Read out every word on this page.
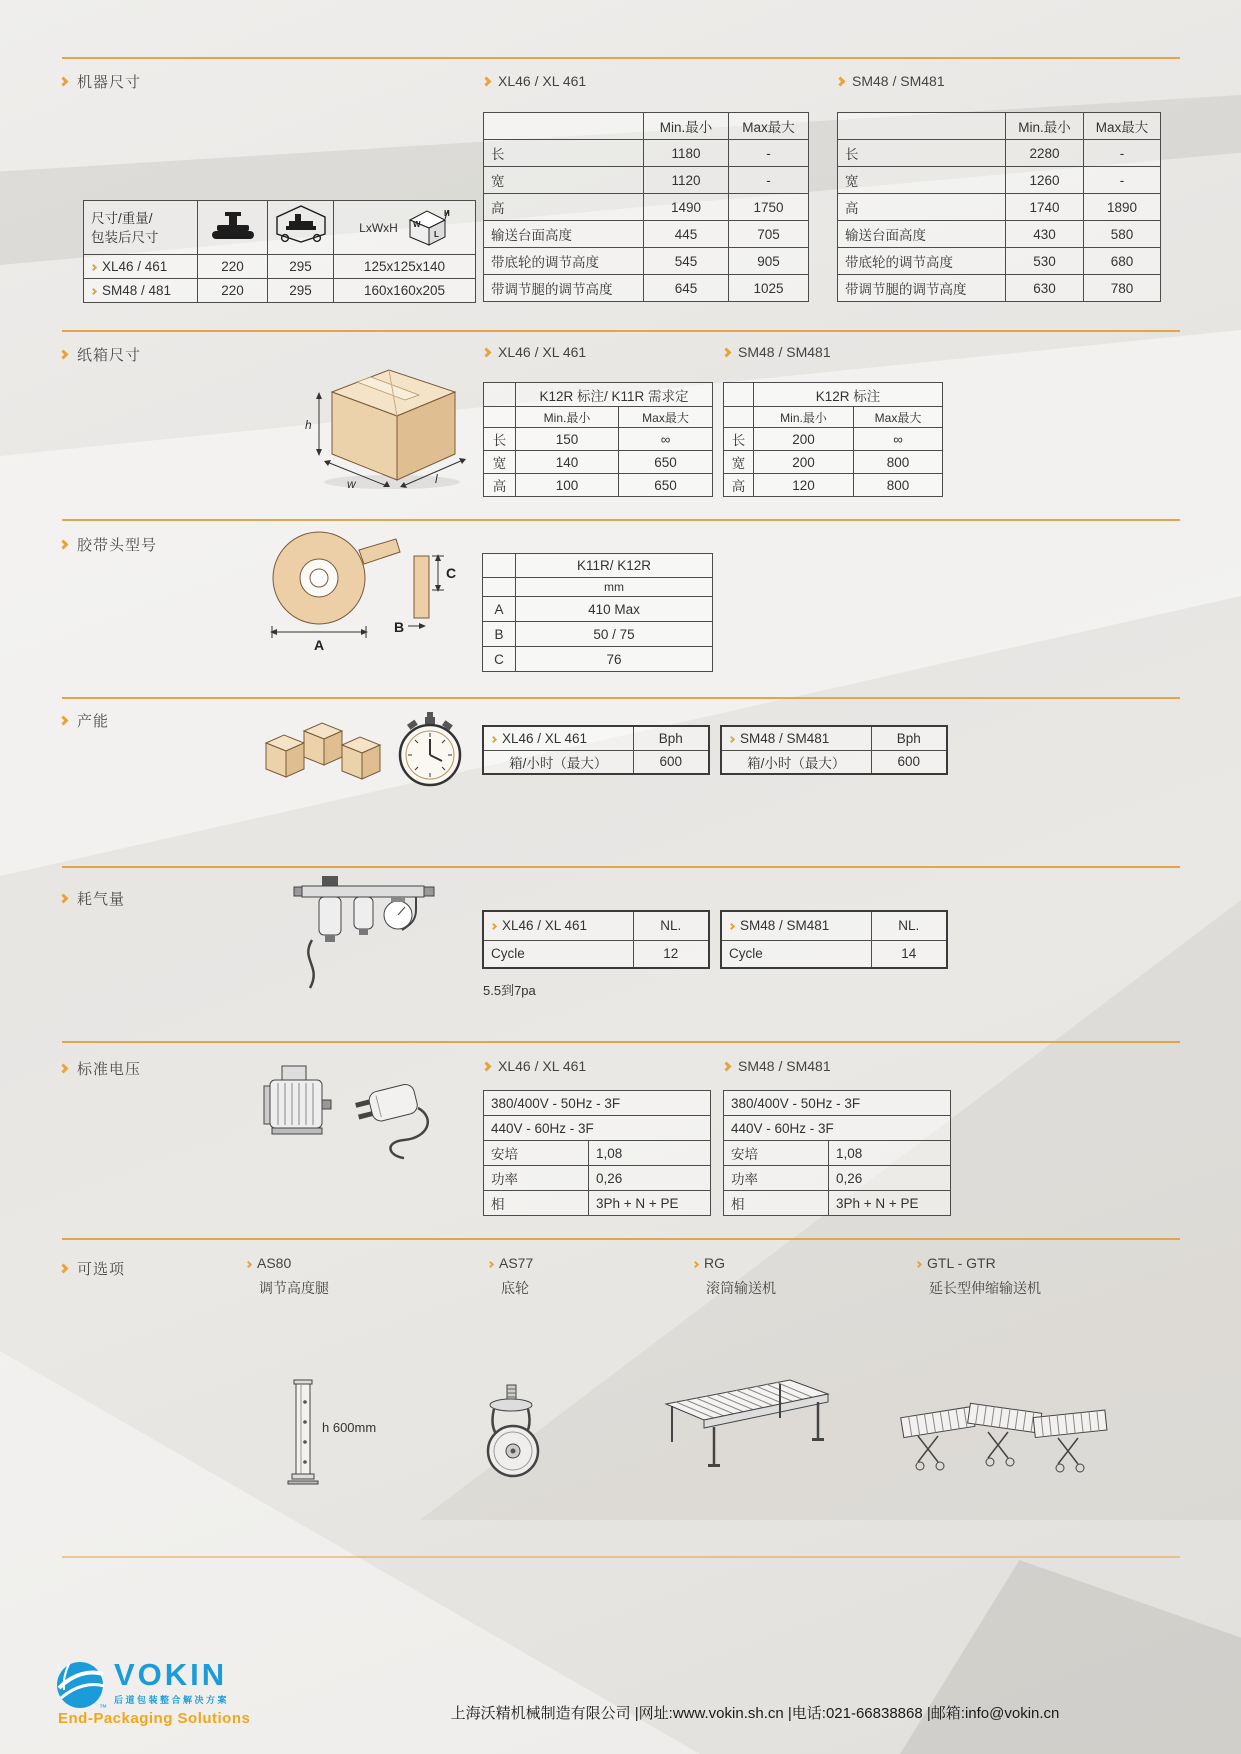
机器尺寸
尺寸/重量/
包装后尺寸

LxWxH W
L
H

XL46 / 461	220	295	125x125x140
SM48 / 481	220	295	160x160x205
XL46 / XL 461
	Min.最小	Max最大
长	1180	-
宽	1120	-
高	1490	1750
输送台面高度	445	705
带底轮的调节高度	545	905
带调节腿的调节高度	645	1025
SM48 / SM481
	Min.最小	Max最大
长	2280	-
宽	1260	-
高	1740	1890
输送台面高度	430	580
带底轮的调节高度	530	680
带调节腿的调节高度	630	780
纸箱尺寸
h
w	l
XL46 / XL 461
	K12R 标注/ K11R 需求定	
	Min.最小	Max最大
长	150	∞
宽	140	650
高	100	650
SM48 / SM481
	K12R 标注	
	Min.最小	Max最大
长	200	∞
宽	200	800
高	120	800
胶带头型号
A
C
B
	K11R/ K12R
	mm
A	410 Max
B	50 / 75
C	76
产能
XL46 / XL 461	Bph
箱/小时（最大）	600
SM48 / SM481	Bph
箱/小时（最大）	600
耗气量
XL46 / XL 461	NL.
Cycle	12
SM48 / SM481	NL.
Cycle	14
5.5到7pa
标准电压	XL46 / XL 461
380/400V - 50Hz - 3F	
440V - 60Hz - 3F	
安培	1,08
功率	0,26
相	3Ph + N + PE
SM48 / SM481
380/400V - 50Hz - 3F	
440V - 60Hz - 3F	
安培	1,08
功率	0,26
相	3Ph + N + PE
可选项	AS80
调节高度腿
AS77
底轮
RG
滚筒输送机
GTL - GTR
延长型伸缩输送机
h 600mm
™
VOKIN
后道包装整合解决方案
End-Packaging Solutions	上海沃精机械制造有限公司 |网址:www.vokin.sh.cn |电话:021-66838868 |邮箱:info@vokin.cn
